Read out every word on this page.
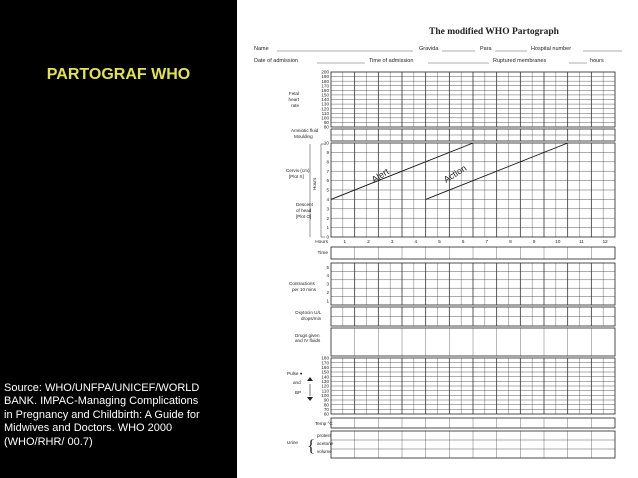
PARTOGRAF WHO
Source: WHO/UNFPA/UNICEF/WORLD
BANK. IMPAC-Managing Complications
in Pregnancy and Childbirth: A Guide for
Midwives and Doctors. WHO 2000
(WHO/RHR/ 00.7)
The modified WHO Partograph
Name	Gravida	Para	Hospital number
Date of admission	Time of admission	Ruptured membranes	hours
Fetal
heart
rate
Amniotic fluid
Moulding
Cervix (cm)
[Plot X]
Descent
of head
[Plot O]
Hours	Alert	Action
Hours
Time
Contractions
per 10 mins
Oxytocin U/L
drops/min
Drugs given
and IV fluids
Pulse ●
and
BP
Temp °C
Urine {
protein
acetone
volume
200
190
180
170
160
150
140
130
120
110
100
90
80
10
9
8
7
6
5
4
3
2
1
0
1	2	3	4	5	6	7	8	9	10	11	12
5
4
3
2
1
180
170
160
150
140
130
120
110
100
90
80
70
60
